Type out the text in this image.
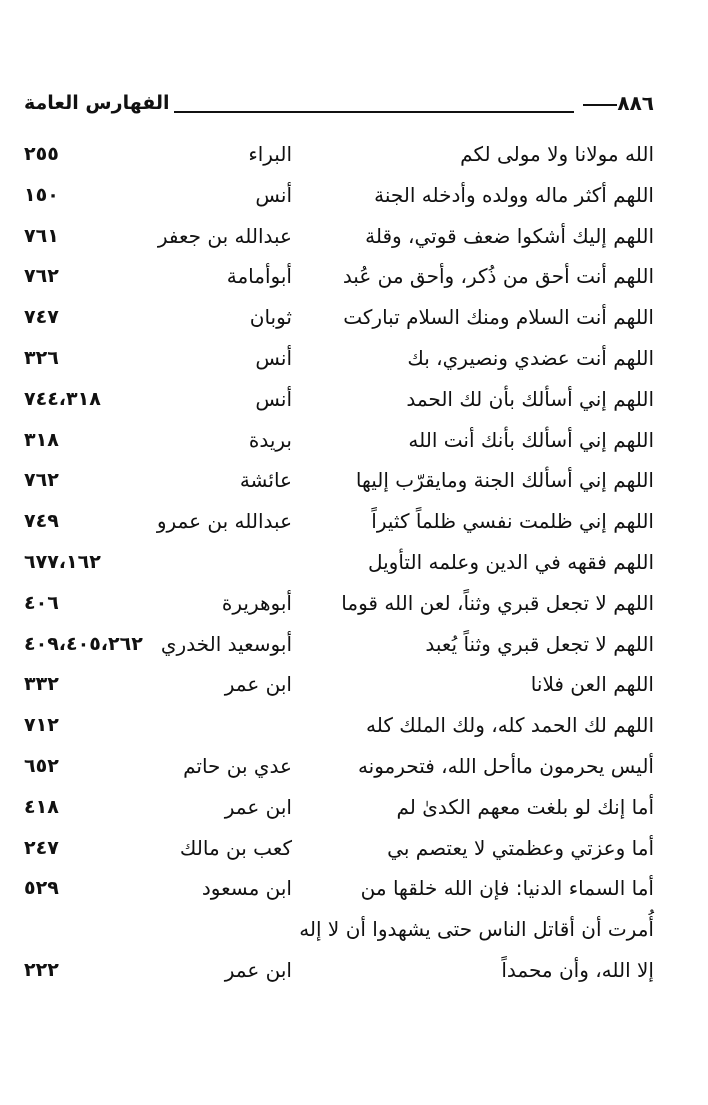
الفهارس العامة	٨٨٦
الله مولانا ولا مولى لكم
البراء
٢٥٥
اللهم أكثر ماله وولده وأدخله الجنة
أنس
١٥٠
اللهم إليك أشكوا ضعف قوتي، وقلة
عبدالله بن جعفر
٧٦١
اللهم أنت أحق من ذُكر، وأحق من عُبد
أبوأمامة
٧٦٢
اللهم أنت السلام ومنك السلام تباركت
ثوبان
٧٤٧
اللهم أنت عضدي ونصيري، بك
أنس
٣٢٦
اللهم إني أسألك بأن لك الحمد
أنس
٧٤٤،٣١٨
اللهم إني أسألك بأنك أنت الله
بريدة
٣١٨
اللهم إني أسألك الجنة ومايقرّب إليها
عائشة
٧٦٢
اللهم إني ظلمت نفسي ظلماً كثيراً
عبدالله بن عمرو
٧٤٩
اللهم فقهه في الدين وعلمه التأويل
٦٧٧،١٦٢
اللهم لا تجعل قبري وثناً، لعن الله قوما
أبوهريرة
٤٠٦
اللهم لا تجعل قبري وثناً يُعبد
أبوسعيد الخدري
٤٠٩،٤٠٥،٢٦٢
اللهم العن فلانا
ابن عمر
٣٣٢
اللهم لك الحمد كله، ولك الملك كله
٧١٢
أليس يحرمون ماأحل الله، فتحرمونه
عدي بن حاتم
٦٥٢
أما إنك لو بلغت معهم الكدىٰ لم
ابن عمر
٤١٨
أما وعزتي وعظمتي لا يعتصم بي
كعب بن مالك
٢٤٧
أما السماء الدنيا: فإن الله خلقها من
ابن مسعود
٥٢٩
أُمرت أن أقاتل الناس حتى يشهدوا أن لا إله
إلا الله، وأن محمداً
ابن عمر
٢٢٢
